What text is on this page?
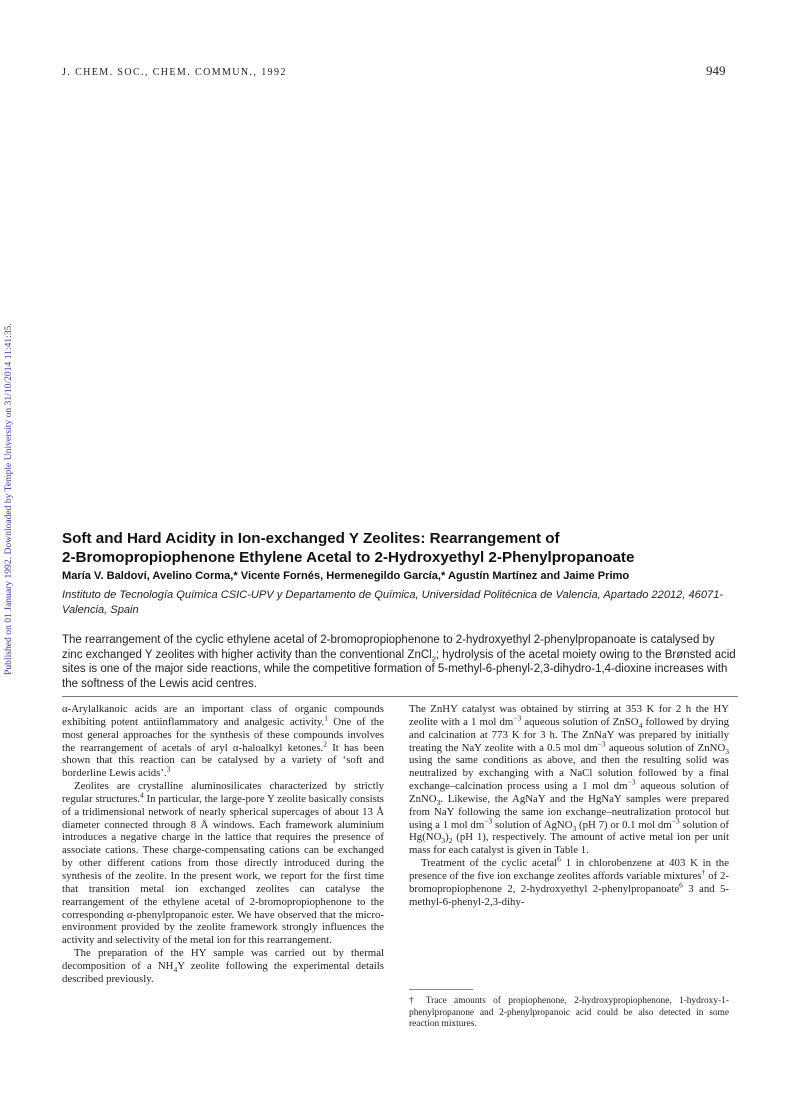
J. CHEM. SOC., CHEM. COMMUN., 1992	949
Published on 01 January 1992. Downloaded by Temple University on 31/10/2014 11:41:35.	Soft and Hard Acidity in Ion-exchanged Y Zeolites: Rearrangement of
2-Bromopropiophenone Ethylene Acetal to 2-Hydroxyethyl 2-Phenylpropanoate
María V. Baldoví, Avelino Corma,* Vicente Fornés, Hermenegildo García,* Agustín Martínez and Jaime Primo
Instituto de Tecnología Química CSIC-UPV y Departamento de Química, Universidad Politécnica de Valencia, Apartado 22012, 46071-Valencia, Spain
The rearrangement of the cyclic ethylene acetal of 2-bromopropiophenone to 2-hydroxyethyl 2-phenylpropanoate is catalysed by zinc exchanged Y zeolites with higher activity than the conventional ZnCl$_2$; hydrolysis of the acetal moiety owing to the Brønsted acid sites is one of the major side reactions, while the competitive formation of 5-methyl-6-phenyl-2,3-dihydro-1,4-dioxine increases with the softness of the Lewis acid centres.

α-Arylalkanoic acids are an important class of organic compounds exhibiting potent antiinflammatory and analgesic activity.$^1$ One of the most general approaches for the synthesis of these compounds involves the rearrangement of acetals of aryl α-haloalkyl ketones.$^2$ It has been shown that this reaction can be catalysed by a variety of ‘soft and borderline Lewis acids’.$^3$

Zeolites are crystalline aluminosilicates characterized by strictly regular structures.$^4$ In particular, the large-pore Y zeolite basically consists of a tridimensional network of nearly spherical supercages of about 13 Å diameter connected through 8 Å windows. Each framework aluminium introduces a negative charge in the lattice that requires the presence of associate cations. These charge-compensating cations can be exchanged by other different cations from those directly introduced during the synthesis of the zeolite. In the present work, we report for the first time that transition metal ion exchanged zeolites can catalyse the rearrangement of the ethylene acetal of 2-bromopropiophenone to the corresponding α-phenylpropanoic ester. We have observed that the micro-environment provided by the zeolite framework strongly influences the activity and selectivity of the metal ion for this rearrangement.

The preparation of the HY sample was carried out by thermal decomposition of a $NH_4Y$ zeolite following the experimental details described previously.

The ZnHY catalyst was obtained by stirring at 353 K for 2 h the HY zeolite with a 1 mol $dm^{-3}$ aqueous solution of ZnSO$_4$ followed by drying and calcination at 773 K for 3 h. The ZnNaY was prepared by initially treating the NaY zeolite with a 0.5 mol $dm^{-3}$ aqueous solution of ZnNO$_3$ using the same conditions as above, and then the resulting solid was neutralized by exchanging with a NaCl solution followed by a final exchange–calcination process using a 1 mol $dm^{-3}$ aqueous solution of ZnNO$_3$. Likewise, the AgNaY and the HgNaY samples were prepared from NaY following the same ion exchange–neutralization protocol but using a 1 mol $dm^{-3}$ solution of AgNO$_3$ (pH 7) or 0.1 mol $dm^{-3}$ solution of $Hg(NO_3)_2$ (pH 1), respectively. The amount of active metal ion per unit mass for each catalyst is given in Table 1.

Treatment of the cyclic acetal$^6$ 1 in chlorobenzene at 403 K in the presence of the five ion exchange zeolites affords variable mixtures† of 2-bromopropiophenone 2, 2-hydroxyethyl 2-phenylpropanoate$^6$ 3 and 5-methyl-6-phenyl-2,3-dihy-

† Trace amounts of propiophenone, 2-hydroxypropiophenone, 1-hydroxy-1-phenylpropanone and 2-phenylpropanoic acid could be also detected in some reaction mixtures.
